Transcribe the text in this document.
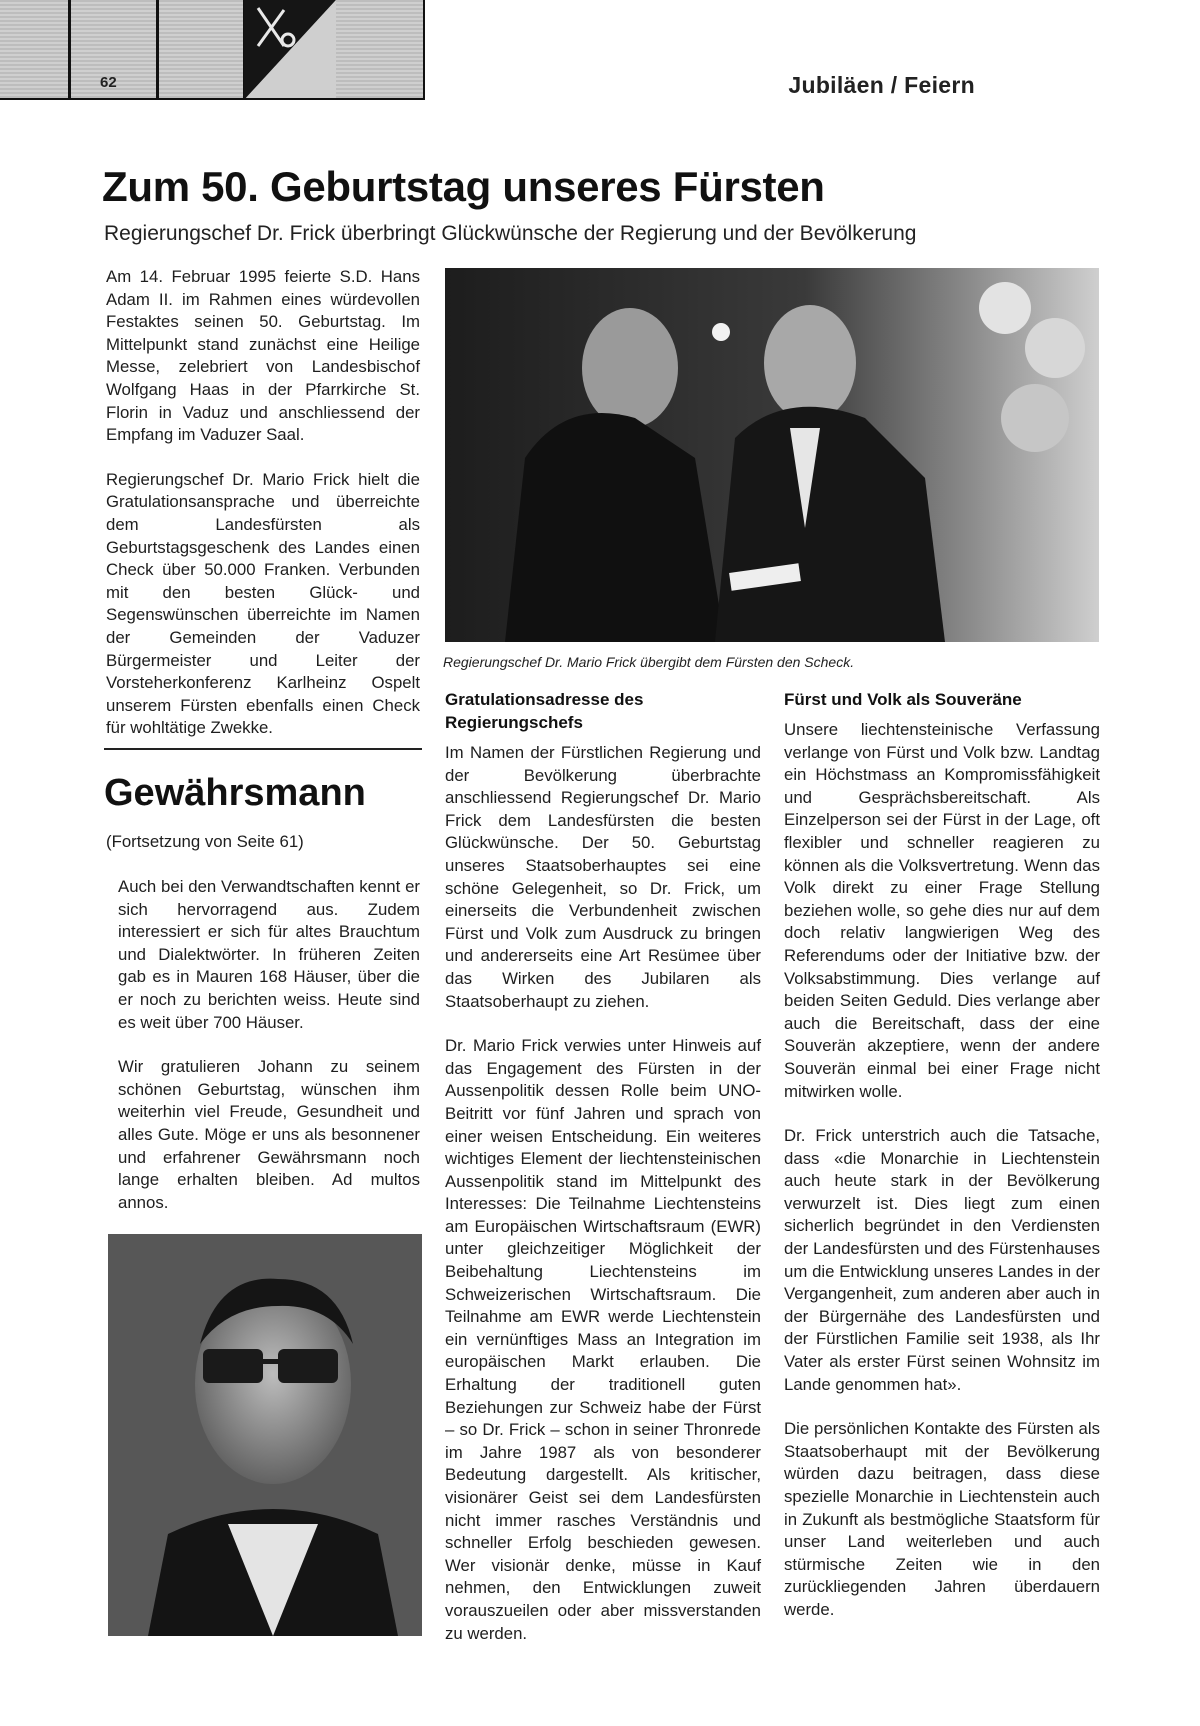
62	Jubiläen / Feiern
Zum 50. Geburtstag unseres Fürsten
Regierungschef Dr. Frick überbringt Glückwünsche der Regierung und der Bevölkerung

Am 14. Februar 1995 feierte S.D. Hans Adam II. im Rahmen eines würdevollen Festaktes seinen 50. Geburtstag. Im Mittelpunkt stand zunächst eine Heilige Messe, zelebriert von Landesbischof Wolfgang Haas in der Pfarrkirche St. Florin in Vaduz und anschliessend der Empfang im Vaduzer Saal.

Regierungschef Dr. Mario Frick hielt die Gratulationsansprache und überreichte dem Landesfürsten als Geburtstagsgeschenk des Landes einen Check über 50.000 Franken. Verbunden mit den besten Glück- und Segenswünschen überreichte im Namen der Gemeinden der Vaduzer Bürgermeister und Leiter der Vorsteherkonferenz Karlheinz Ospelt unserem Fürsten ebenfalls einen Check für wohltätige Zwekke.

Gewährsmann

(Fortsetzung von Seite 61)

Auch bei den Verwandtschaften kennt er sich hervorragend aus. Zudem interessiert er sich für altes Brauchtum und Dialektwörter. In früheren Zeiten gab es in Mauren 168 Häuser, über die er noch zu berichten weiss. Heute sind es weit über 700 Häuser.

Wir gratulieren Johann zu seinem schönen Geburtstag, wünschen ihm weiterhin viel Freude, Gesundheit und alles Gute. Möge er uns als besonnener und erfahrener Gewährsmann noch lange erhalten bleiben. Ad multos annos.

Regierungschef Dr. Mario Frick übergibt dem Fürsten den Scheck.

Gratulationsadresse des Regierungschefs

Im Namen der Fürstlichen Regierung und der Bevölkerung überbrachte anschliessend Regierungschef Dr. Mario Frick dem Landesfürsten die besten Glückwünsche. Der 50. Geburtstag unseres Staatsoberhauptes sei eine schöne Gelegenheit, so Dr. Frick, um einerseits die Verbundenheit zwischen Fürst und Volk zum Ausdruck zu bringen und andererseits eine Art Resümee über das Wirken des Jubilaren als Staatsoberhaupt zu ziehen.

Dr. Mario Frick verwies unter Hinweis auf das Engagement des Fürsten in der Aussenpolitik dessen Rolle beim UNO-Beitritt vor fünf Jahren und sprach von einer weisen Entscheidung. Ein weiteres wichtiges Element der liechtensteinischen Aussenpolitik stand im Mittelpunkt des Interesses: Die Teilnahme Liechtensteins am Europäischen Wirtschaftsraum (EWR) unter gleichzeitiger Möglichkeit der Beibehaltung Liechtensteins im Schweizerischen Wirtschaftsraum. Die Teilnahme am EWR werde Liechtenstein ein vernünftiges Mass an Integration im europäischen Markt erlauben. Die Erhaltung der traditionell guten Beziehungen zur Schweiz habe der Fürst – so Dr. Frick – schon in seiner Thronrede im Jahre 1987 als von besonderer Bedeutung dargestellt. Als kritischer, visionärer Geist sei dem Landesfürsten nicht immer rasches Verständnis und schneller Erfolg beschieden gewesen. Wer visionär denke, müsse in Kauf nehmen, den Entwicklungen zuweit vorauszueilen oder aber missverstanden zu werden.

Fürst und Volk als Souveräne

Unsere liechtensteinische Verfassung verlange von Fürst und Volk bzw. Landtag ein Höchstmass an Kompromissfähigkeit und Gesprächsbereitschaft. Als Einzelperson sei der Fürst in der Lage, oft flexibler und schneller reagieren zu können als die Volksvertretung. Wenn das Volk direkt zu einer Frage Stellung beziehen wolle, so gehe dies nur auf dem doch relativ langwierigen Weg des Referendums oder der Initiative bzw. der Volksabstimmung. Dies verlange auf beiden Seiten Geduld. Dies verlange aber auch die Bereitschaft, dass der eine Souverän akzeptiere, wenn der andere Souverän einmal bei einer Frage nicht mitwirken wolle.

Dr. Frick unterstrich auch die Tatsache, dass «die Monarchie in Liechtenstein auch heute stark in der Bevölkerung verwurzelt ist. Dies liegt zum einen sicherlich begründet in den Verdiensten der Landesfürsten und des Fürstenhauses um die Entwicklung unseres Landes in der Vergangenheit, zum anderen aber auch in der Bürgernähe des Landesfürsten und der Fürstlichen Familie seit 1938, als Ihr Vater als erster Fürst seinen Wohnsitz im Lande genommen hat».

Die persönlichen Kontakte des Fürsten als Staatsoberhaupt mit der Bevölkerung würden dazu beitragen, dass diese spezielle Monarchie in Liechtenstein auch in Zukunft als bestmögliche Staatsform für unser Land weiterleben und auch stürmische Zeiten wie in den zurückliegenden Jahren überdauern werde.
